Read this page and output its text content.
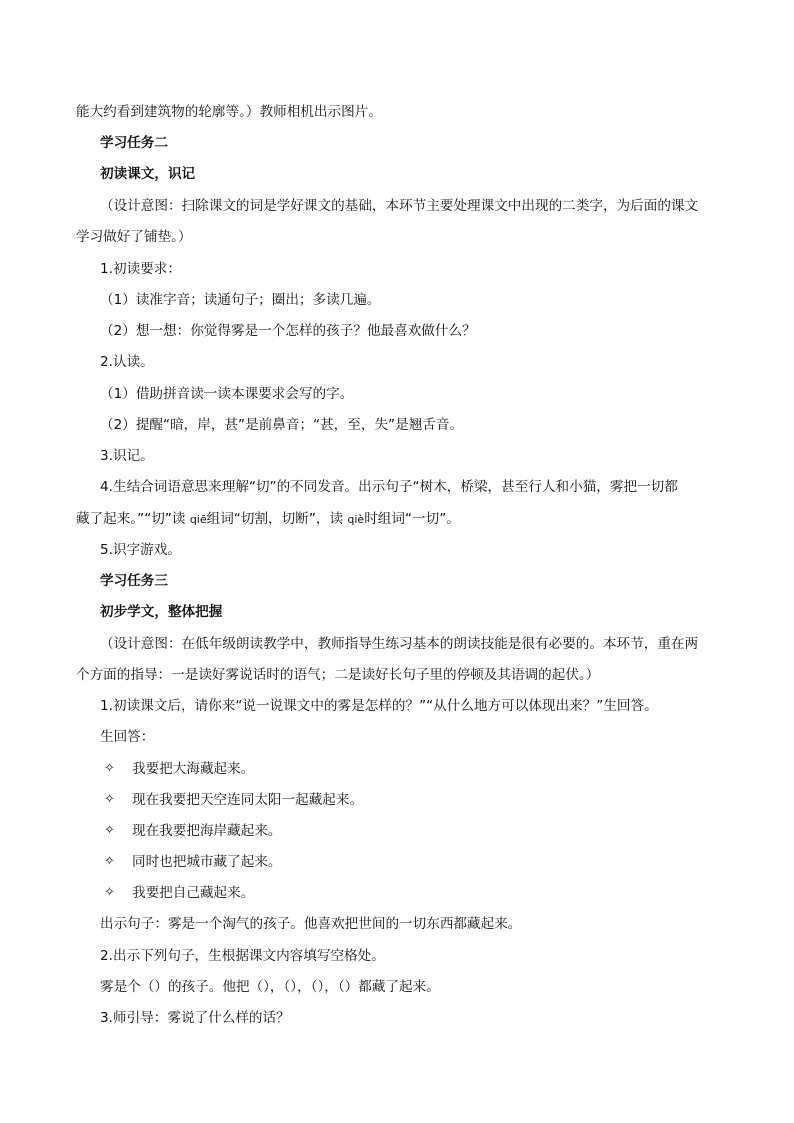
能大约看到建筑物的轮廓等。）教师相机出示图片。
学习任务二
初读课文，识记
（设计意图：扫除课文的词是学好课文的基础，本环节主要处理课文中出现的二类字，为后面的课文
学习做好了铺垫。）
1.初读要求：
（1）读准字音；读通句子；圈出；多读几遍。
（2）想一想：你觉得雾是一个怎样的孩子？他最喜欢做什么？
2.认读。
（1）借助拼音读一读本课要求会写的字。
（2）提醒“暗，岸，甚”是前鼻音；“甚，至，失”是翘舌音。
3.识记。
4.生结合词语意思来理解“切”的不同发音。出示句子“树木，桥梁，甚至行人和小猫，雾把一切都
藏了起来。”“切”读 qiē组词“切割，切断”，读 qiè时组词“一切”。
5.识字游戏。
学习任务三
初步学文，整体把握
（设计意图：在低年级朗读教学中，教师指导生练习基本的朗读技能是很有必要的。本环节，重在两
个方面的指导：一是读好雾说话时的语气；二是读好长句子里的停顿及其语调的起伏。）
1.初读课文后，请你来“说一说课文中的雾是怎样的？”“从什么地方可以体现出来？”生回答。
生回答：
✧ 我要把大海藏起来。
✧ 现在我要把天空连同太阳一起藏起来。
✧ 现在我要把海岸藏起来。
✧ 同时也把城市藏了起来。
✧ 我要把自己藏起来。
出示句子：雾是一个淘气的孩子。他喜欢把世间的一切东西都藏起来。
2.出示下列句子，生根据课文内容填写空格处。
雾是个（）的孩子。他把（），（），（），（）都藏了起来。
3.师引导：雾说了什么样的话？
